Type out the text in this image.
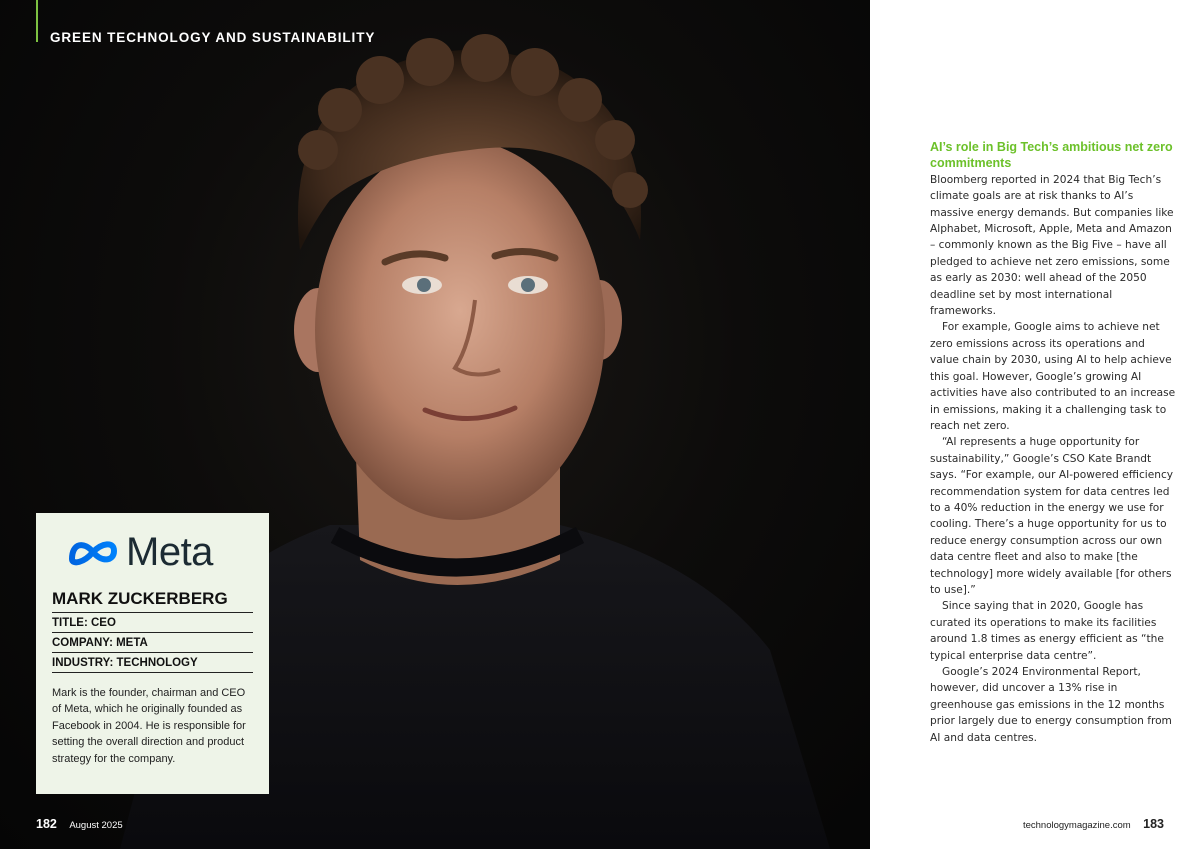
GREEN TECHNOLOGY AND SUSTAINABILITY
182 August 2025
Meta
MARK ZUCKERBERG
TITLE: CEO
COMPANY: META
INDUSTRY: TECHNOLOGY

Mark is the founder, chairman and CEO of Meta, which he originally founded as Facebook in 2004. He is responsible for setting the overall direction and product strategy for the company.

AI’s role in Big Tech’s ambitious net zero commitments

Bloomberg reported in 2024 that Big Tech’s climate goals are at risk thanks to AI’s massive energy demands. But companies like Alphabet, Microsoft, Apple, Meta and Amazon – commonly known as the Big Five – have all pledged to achieve net zero emissions, some as early as 2030: well ahead of the 2050 deadline set by most international frameworks.

For example, Google aims to achieve net zero emissions across its operations and value chain by 2030, using AI to help achieve this goal. However, Google’s growing AI activities have also contributed to an increase in emissions, making it a challenging task to reach net zero.

“AI represents a huge opportunity for sustainability,” Google’s CSO Kate Brandt says. “For example, our AI-powered efficiency recommendation system for data centres led to a 40% reduction in the energy we use for cooling. There’s a huge opportunity for us to reduce energy consumption across our own data centre fleet and also to make [the technology] more widely available [for others to use].”

Since saying that in 2020, Google has curated its operations to make its facilities around 1.8 times as energy efficient as “the typical enterprise data centre”.

Google’s 2024 Environmental Report, however, did uncover a 13% rise in greenhouse gas emissions in the 12 months prior largely due to energy consumption from AI and data centres.

technologymagazine.com 183
